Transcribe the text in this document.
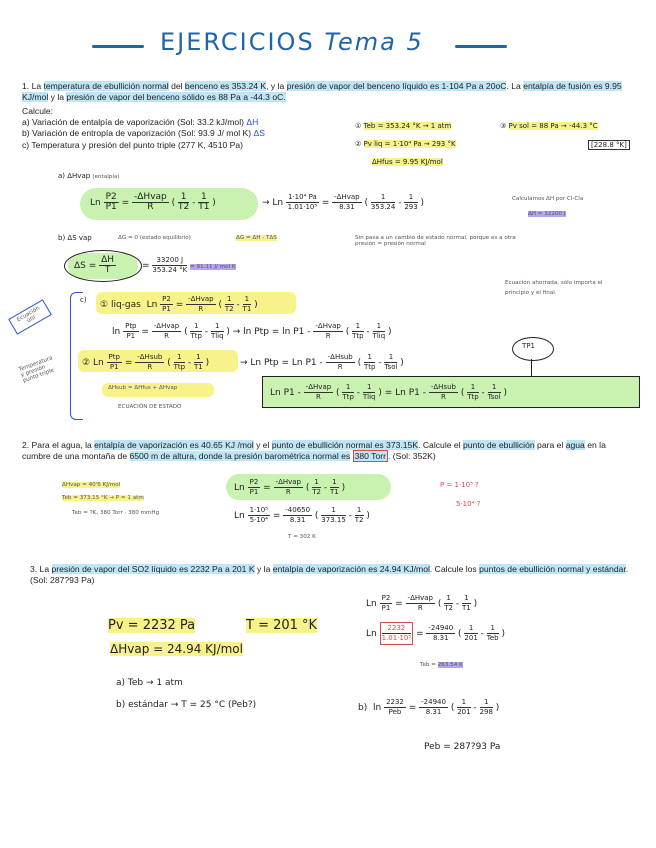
EJERCICIOS Tema 5
1. La temperatura de ebullición normal del benceno es 353.24 K, y la presión de vapor del benceno líquido es 1·104 Pa a 20oC. La entalpía de fusión es 9.95 KJ/mol y la presión de vapor del benceno sólido es 88 Pa a -44.3 oC.
Calcule:
a) Variación de entalpía de vaporización (Sol: 33.2 kJ/mol) ΔH
b) Variación de entropía de vaporización (Sol: 93.9 J/ mol K) ΔS
c) Temperatura y presión del punto triple (277 K, 4510 Pa)
① Teb = 353.24 °K → 1 atm
② Pv liq = 1·10⁴ Pa → 293 °K
ΔHfus = 9.95 KJ/mol
③ Pv sol = 88 Pa → -44.3 °C
[228.8 °K]
a) ΔHvap (entalpía)
Ln $\frac{P2}{P1} = \frac{\text{-ΔHvap}}{R}$ ( $\frac{1}{T2} - \frac{1}{T1}$ )	→ Ln $\frac{\text{1·10⁴ Pa}}{\text{1.01·10⁵}} = \frac{\text{-ΔHvap}}{8.31}$ ( $\frac{1}{353.24} - \frac{1}{293}$ )	Calculamos ΔH por Cl-Cla
ΔH = 32200 J
b) ΔS vap	ΔG = 0 (estado equilibrio)	ΔG = ΔH - TΔS	Sin pasa a un cambio de estado normal, porque es a otra presión = presión normal
$\Delta S = \frac{\Delta H}{T}$	= $\frac{33200 J}{353.24 ^\circ K} = 91.11$ J/ mol K
Ecuación útil
Temperatura y presión punto triple
c) ① liq-gas Ln $\frac{P2}{P1} = \frac{\text{-ΔHvap}}{R}$ ( $\frac{1}{T2} - \frac{1}{T1}$ )
$\ln \frac{\text{Ptp}}{P1} = \frac{\text{-ΔHvap}}{R}$ ( $\frac{1}{\text{Ttp}} - \frac{1}{\text{Tliq}}$ ) → ln Ptp = $\ln P1 - \frac{\text{-ΔHvap}}{R}$ ( $\frac{1}{\text{Ttp}} - \frac{1}{\text{Tliq}}$ )
② Ln $\frac{\text{Ptp}}{P1} = \frac{\text{-ΔHsub}}{R}$ ( $\frac{1}{\text{Ttp}} - \frac{1}{T1}$ )	→ Ln Ptp = Ln $P1 - \frac{\text{-ΔHsub}}{R}$ ( $\frac{1}{\text{Ttp}} - \frac{1}{\text{Tsol}}$ )
Ecuación ahorrada, sólo importa el principio y el final.
TP1
ΔHsub = ΔHfus + ΔHvap
ECUACIÓN DE ESTADO
Ln $P1 - \frac{\text{-ΔHvap}}{R}$ ( $\frac{1}{\text{Ttp}} - \frac{1}{\text{Tliq}}$ ) = Ln $P1 - \frac{\text{-ΔHsub}}{R}$ ( $\frac{1}{\text{Ttp}} - \frac{1}{\text{Tsol}}$ )
2. Para el agua, la entalpía de vaporización es 40.65 KJ /mol y el punto de ebullición normal es 373.15K. Calcule el punto de ebullición para el agua en la cumbre de una montaña de 6500 m de altura, donde la presión barométrica normal es 380 Torr . (Sol: 352K)
ΔHvap = 40'6 KJ/mol
Teb = 373.15 °K → P = 1 atm
Teb = ?K, 380 Torr · 380 mmHg
Ln $\frac{P2}{P1} = \frac{\text{-ΔHvap}}{R}$ ( $\frac{1}{T2} - \frac{1}{T1}$ )
Ln $\frac{\text{1·10⁵}}{\text{5·10⁴}} = \frac{-40650}{8.31}$ ( $\frac{1}{373.15} - \frac{1}{T2}$ )
T = 302 K
P = 1·10⁵ ?
5·10⁴ ?
3. La presión de vapor del SO2 líquido es 2232 Pa a 201 K y la entalpía de vaporización es 24.94 KJ/mol. Calcule los puntos de ebullición normal y estándar. (Sol: 287?93 Pa)
Pv = 2232 Pa	T = 201 °K
ΔHvap = 24.94 KJ/mol
a) Teb → 1 atm
b) estándar → T = 25 °C (Peb?)
Ln $\frac{P2}{P1} = \frac{\text{-ΔHvap}}{R}$ ( $\frac{1}{T2} - \frac{1}{T1}$ )
Ln $\frac{2232}{\text{1.01·10⁵}} = \frac{-24940}{8.31}$ ( $\frac{1}{201} - \frac{1}{\text{Teb}}$ )
Teb = 263.54 K
b) $\ln \frac{2232}{\text{Peb}} = \frac{-24940}{8.31}$ ( $\frac{1}{201} - \frac{1}{298}$ )
Peb = 287?93 Pa
